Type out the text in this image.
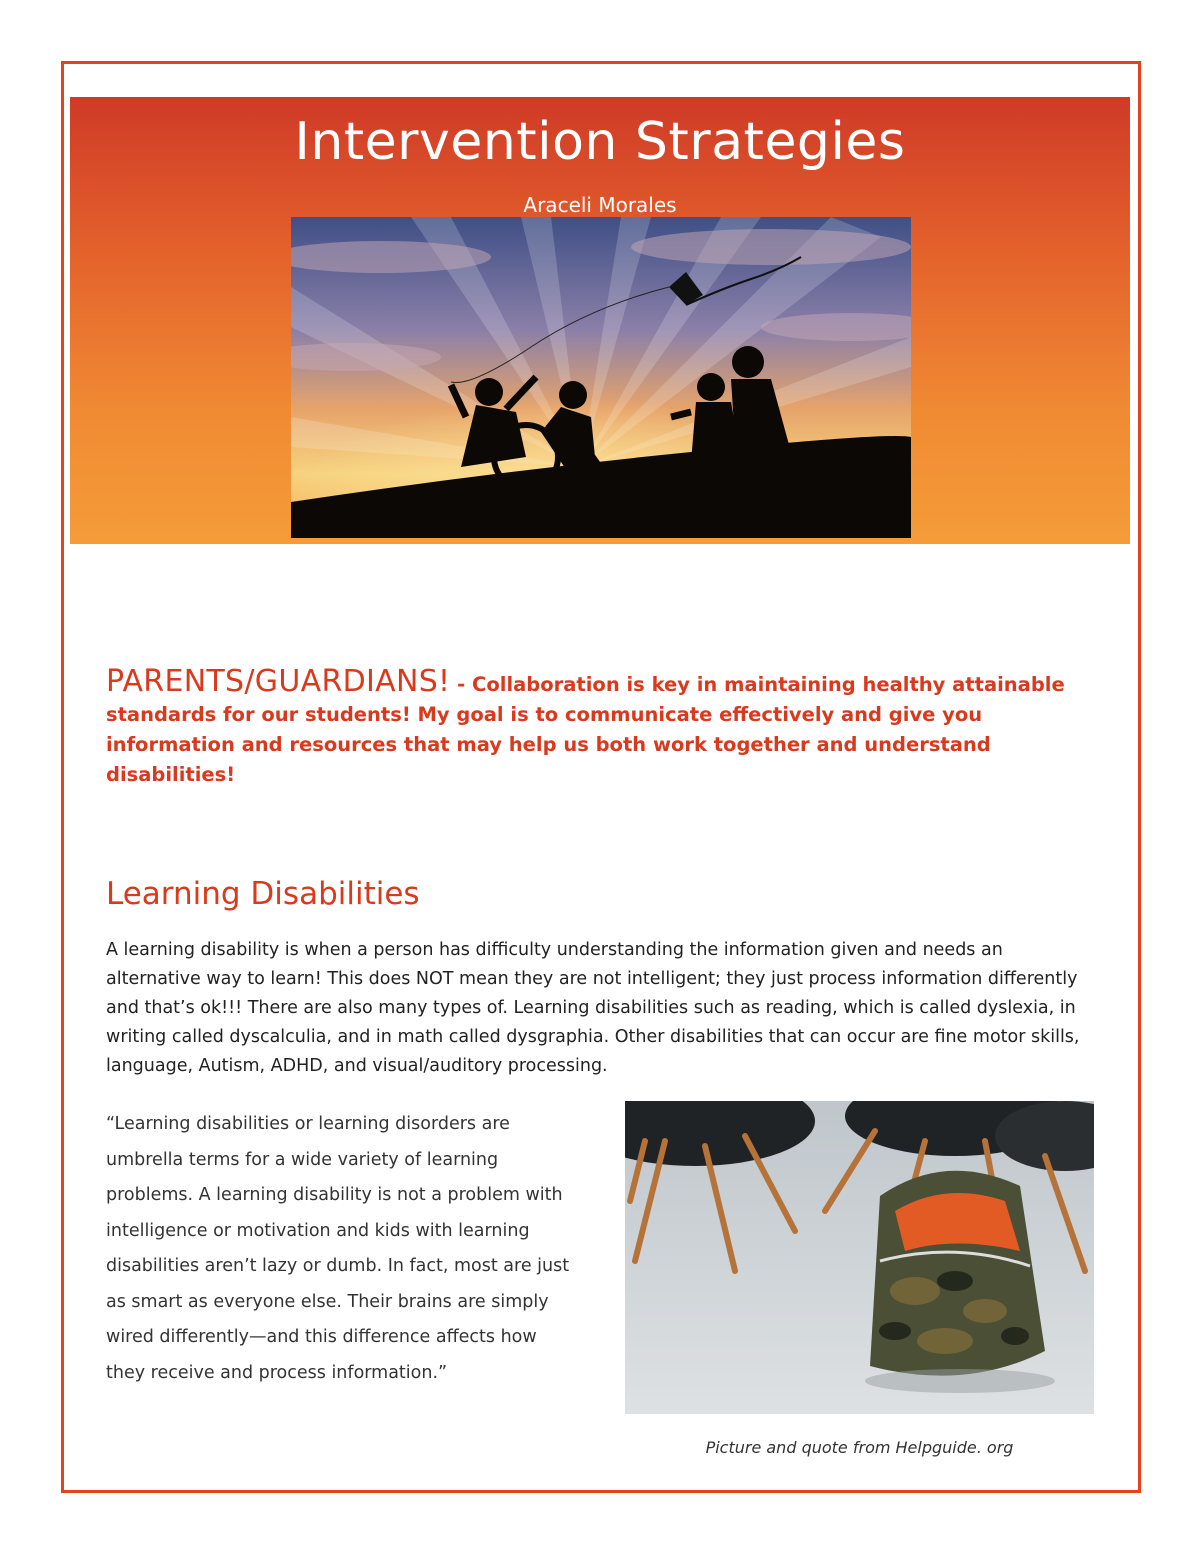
Intervention Strategies
Araceli Morales
PARENTS/GUARDIANS! - Collaboration is key in maintaining healthy attainable standards for our students! My goal is to communicate effectively and give you information and resources that may help us both work together and understand disabilities!
Learning Disabilities
A learning disability is when a person has difficulty understanding the information given and needs an alternative way to learn! This does NOT mean they are not intelligent; they just process information differently and that’s ok!!! There are also many types of. Learning disabilities such as reading, which is called dyslexia, in writing called dyscalculia, and in math called dysgraphia. Other disabilities that can occur are fine motor skills, language, Autism, ADHD, and visual/auditory processing.
“Learning disabilities or learning disorders are umbrella terms for a wide variety of learning problems. A learning disability is not a problem with intelligence or motivation and kids with learning disabilities aren’t lazy or dumb. In fact, most are just as smart as everyone else. Their brains are simply wired differently—and this difference affects how they receive and process information.”
Picture and quote from Helpguide. org
